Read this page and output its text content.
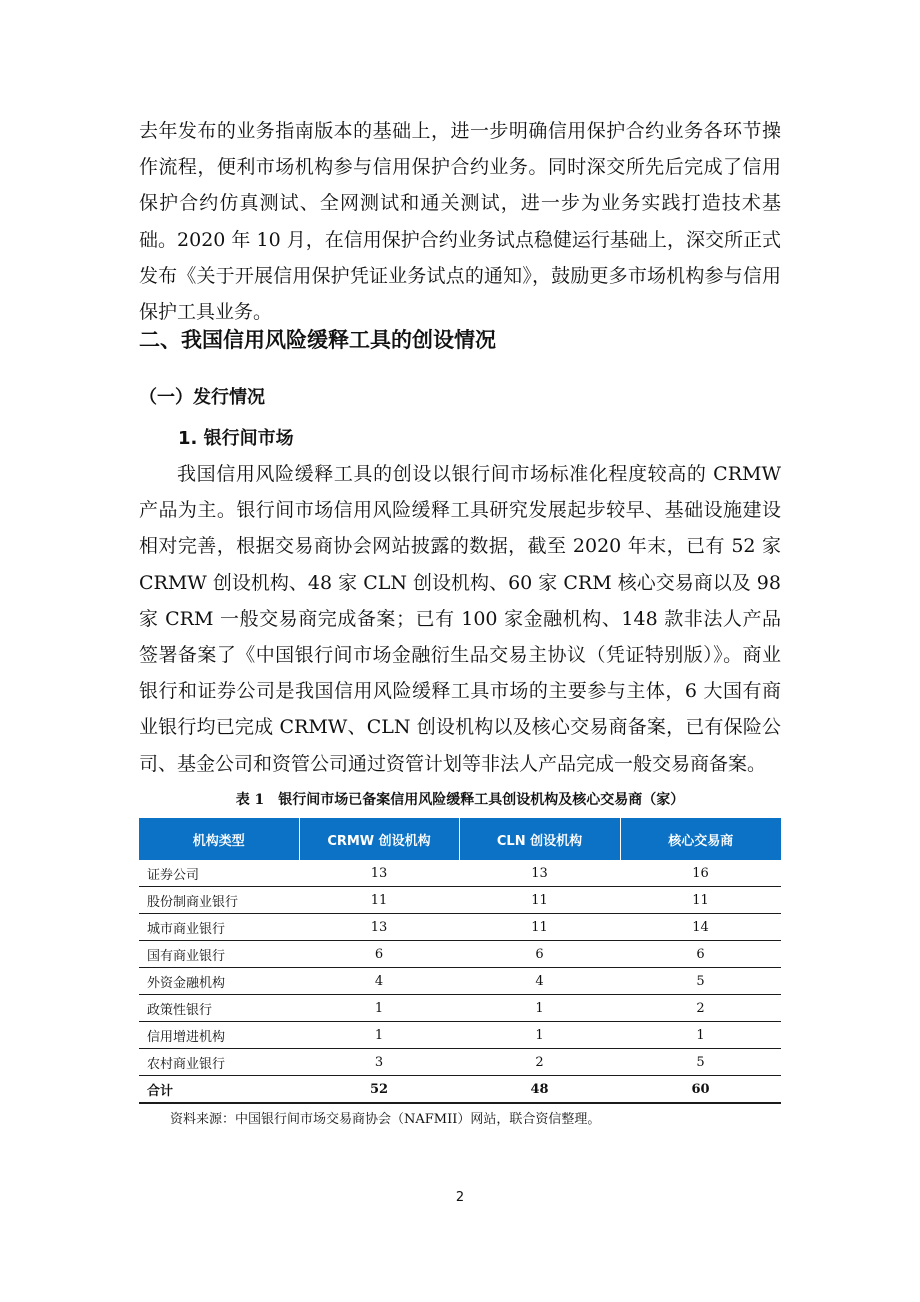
去年发布的业务指南版本的基础上，进一步明确信用保护合约业务各环节操作流程，便利市场机构参与信用保护合约业务。同时深交所先后完成了信用保护合约仿真测试、全网测试和通关测试，进一步为业务实践打造技术基础。2020 年 10 月，在信用保护合约业务试点稳健运行基础上，深交所正式发布《关于开展信用保护凭证业务试点的通知》，鼓励更多市场机构参与信用保护工具业务。

二、我国信用风险缓释工具的创设情况
（一）发行情况
1. 银行间市场

我国信用风险缓释工具的创设以银行间市场标准化程度较高的 CRMW 产品为主。银行间市场信用风险缓释工具研究发展起步较早、基础设施建设相对完善，根据交易商协会网站披露的数据，截至 2020 年末，已有 52 家 CRMW 创设机构、48 家 CLN 创设机构、60 家 CRM 核心交易商以及 98 家 CRM 一般交易商完成备案；已有 100 家金融机构、148 款非法人产品签署备案了《中国银行间市场金融衍生品交易主协议（凭证特别版）》。商业银行和证券公司是我国信用风险缓释工具市场的主要参与主体，6 大国有商业银行均已完成 CRMW、CLN 创设机构以及核心交易商备案，已有保险公司、基金公司和资管公司通过资管计划等非法人产品完成一般交易商备案。

表 1　银行间市场已备案信用风险缓释工具创设机构及核心交易商（家）

机构类型	CRMW 创设机构	CLN 创设机构	核心交易商
证券公司	13	13	16
股份制商业银行	11	11	11
城市商业银行	13	11	14
国有商业银行	6	6	6
外资金融机构	4	4	5
政策性银行	1	1	2
信用增进机构	1	1	1
农村商业银行	3	2	5
合计	52	48	60

资料来源：中国银行间市场交易商协会（NAFMII）网站，联合资信整理。

2
